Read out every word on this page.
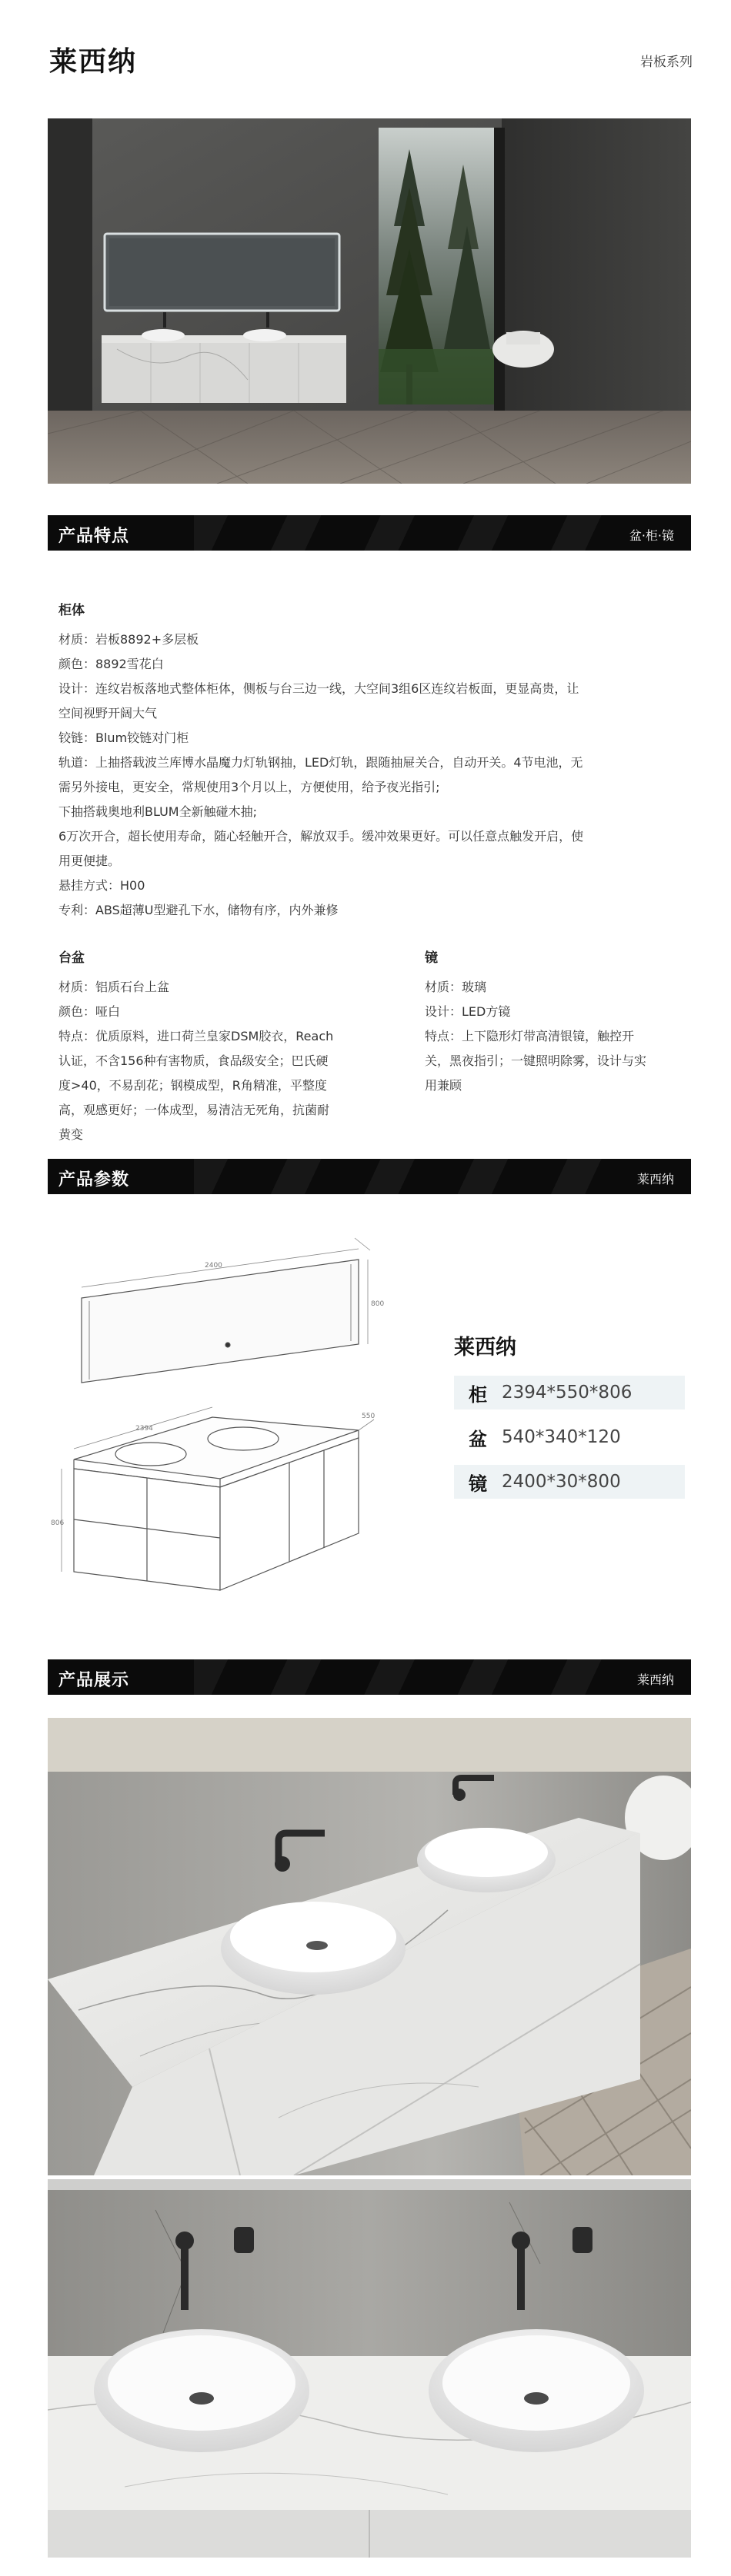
莱西纳	岩板系列
产品特点	盆·柜·镜
柜体

材质：岩板8892+多层板

颜色：8892雪花白

设计：连纹岩板落地式整体柜体，侧板与台三边一线，大空间3组6区连纹岩板面，更显高贵，让

空间视野开阔大气

铰链：Blum铰链对门柜

轨道：上抽搭载波兰库博水晶魔力灯轨钢抽，LED灯轨，跟随抽屉关合，自动开关。4节电池，无

需另外接电，更安全，常规使用3个月以上，方便使用，给予夜光指引;

下抽搭载奥地利BLUM全新触碰木抽;

6万次开合，超长使用寿命，随心轻触开合，解放双手。缓冲效果更好。可以任意点触发开启，使

用更便捷。

悬挂方式：H00

专利：ABS超薄U型避孔下水，储物有序，内外兼修

台盆

材质：铝质石台上盆

颜色：哑白

特点：优质原料，进口荷兰皇家DSM胶衣，Reach

认证，不含156种有害物质，食品级安全；巴氏硬

度>40，不易刮花；钢模成型，R角精准，平整度

高，观感更好；一体成型，易清洁无死角，抗菌耐

黄变

镜

材质：玻璃

设计：LED方镜

特点：上下隐形灯带高清银镜，触控开

关，黑夜指引；一键照明除雾，设计与实

用兼顾

产品参数	莱西纳
2400
800
2394
550
806
莱西纳
柜 2394*550*806
盆 540*340*120
镜 2400*30*800
产品展示	莱西纳
